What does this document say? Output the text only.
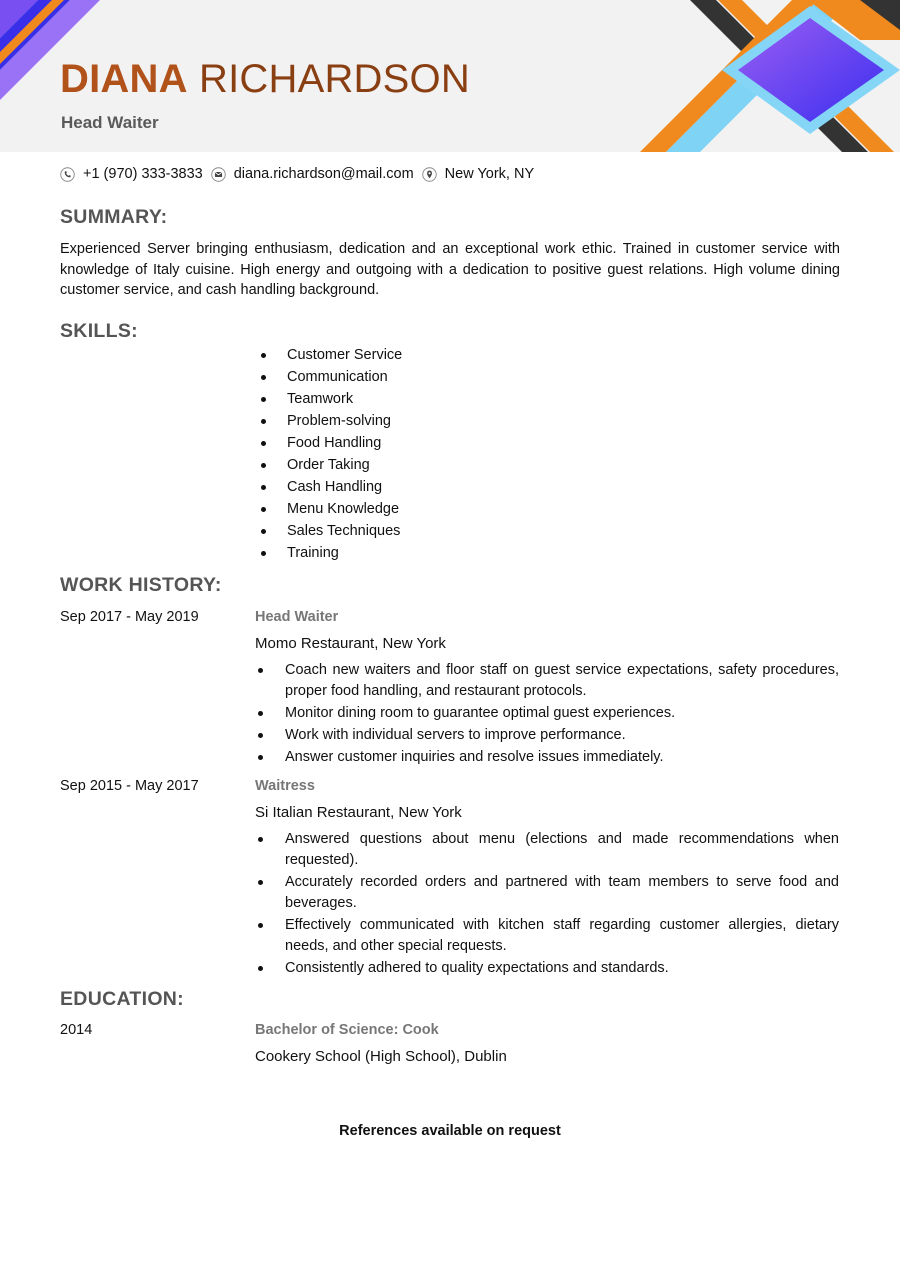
DIANA RICHARDSON
Head Waiter
+1 (970) 333-3833 diana.richardson@mail.com New York, NY
SUMMARY:

Experienced Server bringing enthusiasm, dedication and an exceptional work ethic. Trained in customer service with knowledge of Italy cuisine. High energy and outgoing with a dedication to positive guest relations. High volume dining customer service, and cash handling background.

SKILLS:
Customer Service
Communication
Teamwork
Problem-solving
Food Handling
Order Taking
Cash Handling
Menu Knowledge
Sales Techniques
Training
WORK HISTORY:
Sep 2017 - May 2019	Head Waiter
Momo Restaurant, New York
Coach new waiters and floor staff on guest service expectations, safety procedures, proper food handling, and restaurant protocols.
Monitor dining room to guarantee optimal guest experiences.
Work with individual servers to improve performance.
Answer customer inquiries and resolve issues immediately.
Sep 2015 - May 2017	Waitress
Si Italian Restaurant, New York
Answered questions about menu (elections and made recommendations when requested).
Accurately recorded orders and partnered with team members to serve food and beverages.
Effectively communicated with kitchen staff regarding customer allergies, dietary needs, and other special requests.
Consistently adhered to quality expectations and standards.
EDUCATION:
2014	Bachelor of Science: Cook
Cookery School (High School), Dublin
References available on request
